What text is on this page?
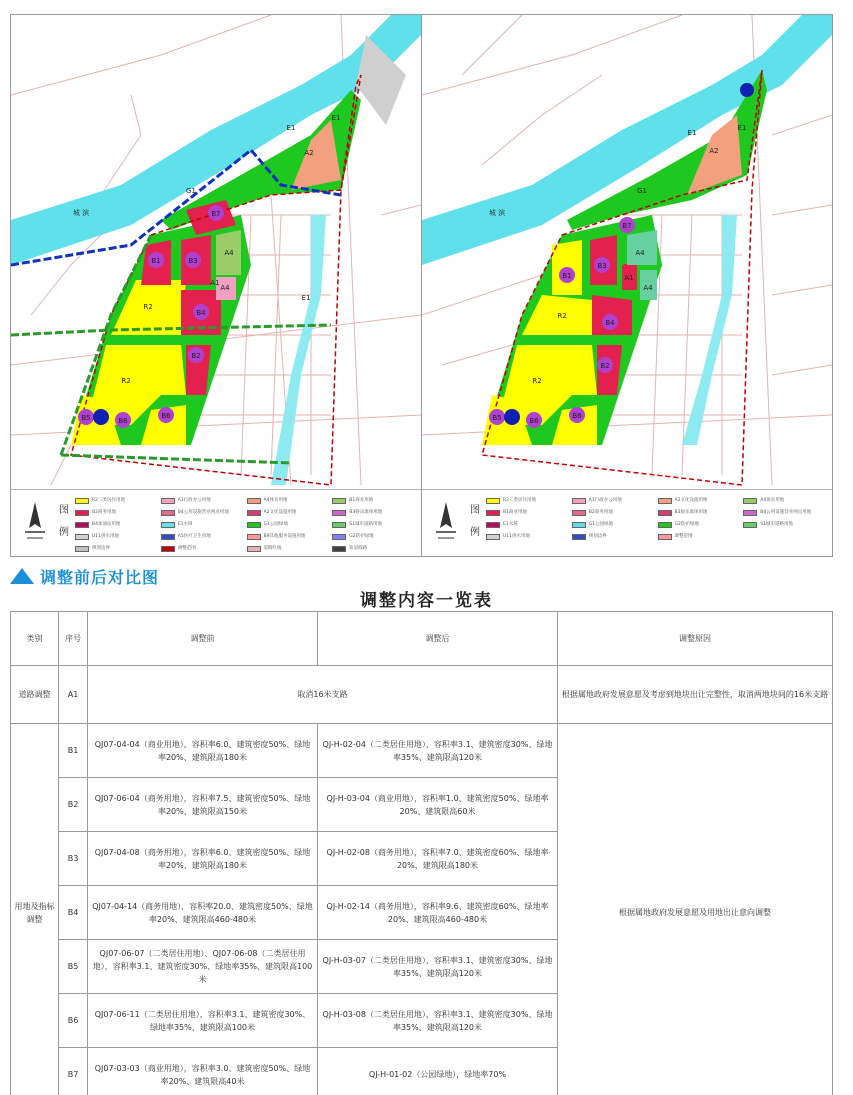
B1
B2
B3
B4
B5	B6
B6
B7
R2
R2
A4
A4
A1
A2
E1
E1
E1
G1
城 滨
图例
R2二类居住用地	A1行政办公用地	A4体育用地	B1商业用地
B2商务用地	B4公用设施营业网点用地	A2文化设施用地	B3娱乐康体用地
B4加油站用地	E1水域	G1公园绿地	S1城市道路用地
U11供水用地	A5医疗卫生用地	B9其他服务设施用地	G2防护绿地
规划边界	调整范围	道路红线	轨道线路
B1
B2
B3
B4
B5	B6
B6
B7
R2
R2
A4
A4
A1
A2
E1
E1
G1
城 滨
图例
R2二类居住用地	A1行政办公用地	A2文化设施用地	A4体育用地
B1商业用地	B2商务用地	B3娱乐康体用地	B4公用设施营业网点用地
E1水域	G1公园绿地	G2防护绿地	S1城市道路用地
U11供水用地	规划边界	调整范围
调整前后对比图
调整内容一览表
类别	序号	调整前	调整后	调整原因
道路调整	A1	取消16米支路		根据属地政府发展意愿及考虑到地块出让完整性，取消两地块间的16米支路
用地及指标调整	B1	QJ07-04-04（商业用地），容积率6.0、建筑密度50%、绿地率20%、建筑限高180米	QJ-H-02-04（二类居住用地），容积率3.1、建筑密度30%、绿地率35%、建筑限高120米	根据属地政府发展意愿及用地出让意向调整
	B2	QJ07-06-04（商务用地），容积率7.5、建筑密度50%、绿地率20%、建筑限高150米	QJ-H-03-04（商业用地），容积率1.0、建筑密度50%、绿地率20%、建筑限高60米	
	B3	QJ07-04-08（商务用地），容积率6.0、建筑密度50%、绿地率20%、建筑限高180米	QJ-H-02-08（商务用地），容积率7.0、建筑密度60%、绿地率20%、建筑限高180米	
	B4	QJ07-04-14（商务用地），容积率20.0、建筑密度50%、绿地率20%、建筑限高460-480米	QJ-H-02-14（商务用地），容积率9.6、建筑密度60%、绿地率20%、建筑限高460-480米	
	B5	QJ07-06-07（二类居住用地）、QJ07-06-08（二类居住用地），容积率3.1、建筑密度30%、绿地率35%、建筑限高100米	QJ-H-03-07（二类居住用地），容积率3.1、建筑密度30%、绿地率35%、建筑限高120米	
	B6	QJ07-06-11（二类居住用地），容积率3.1、建筑密度30%、绿地率35%、建筑限高100米	QJ-H-03-08（二类居住用地），容积率3.1、建筑密度30%、绿地率35%、建筑限高120米	
	B7	QJ07-03-03（商业用地），容积率3.0、建筑密度50%、绿地率20%、建筑限高40米	QJ-H-01-02（公园绿地），绿地率70%	
